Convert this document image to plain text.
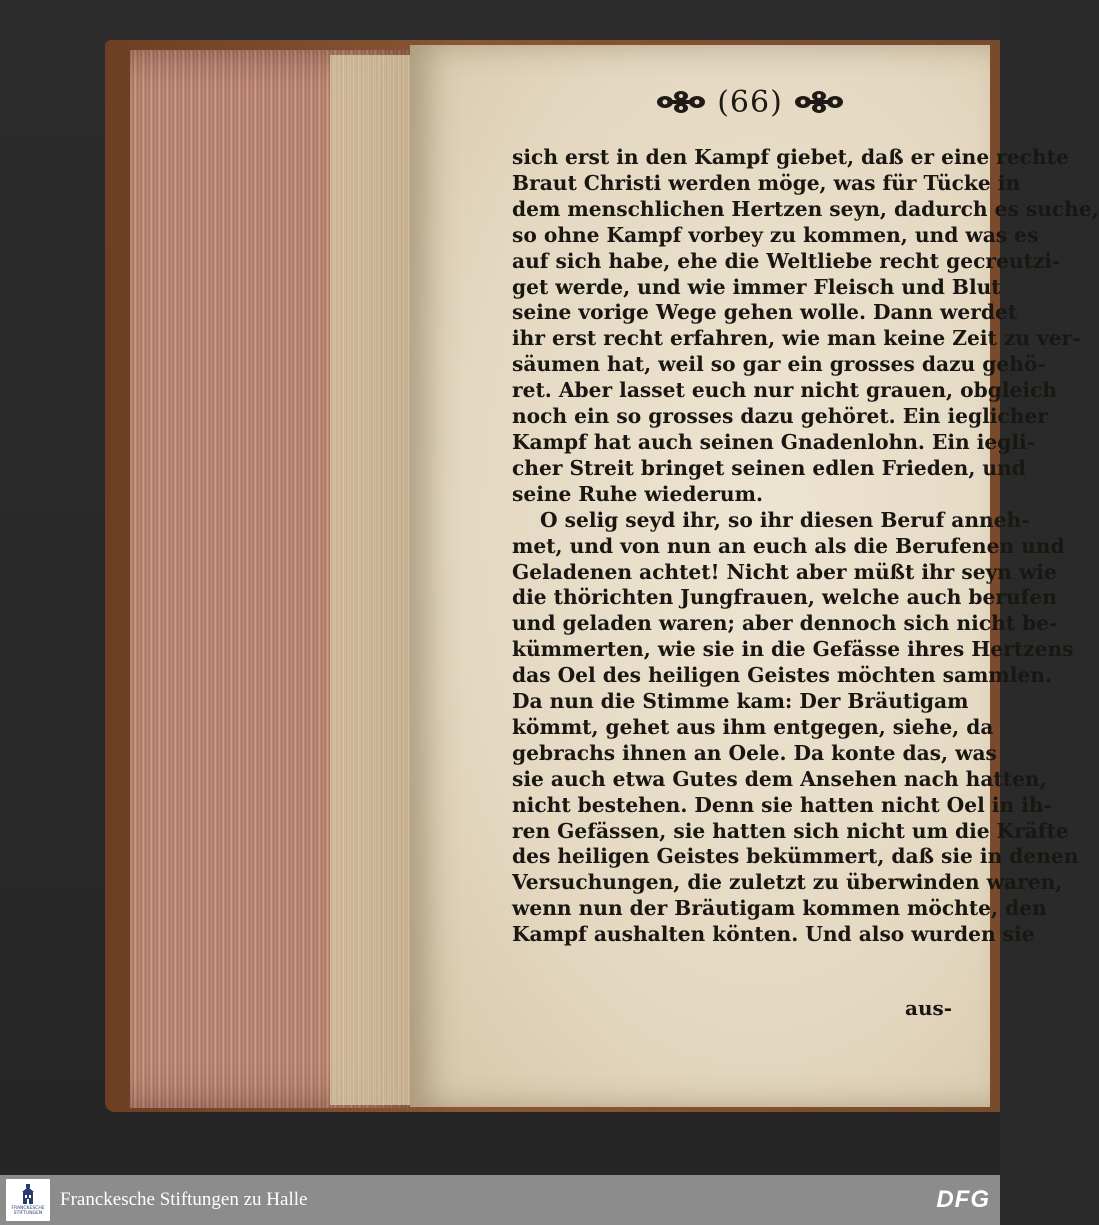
(66)
sich erst in den Kampf giebet, daß er eine rechte
Braut Christi werden möge, was für Tücke in
dem menschlichen Hertzen seyn, dadurch es suche,
so ohne Kampf vorbey zu kommen, und was es
auf sich habe, ehe die Weltliebe recht gecreutzi-
get werde, und wie immer Fleisch und Blut
seine vorige Wege gehen wolle. Dann werdet
ihr erst recht erfahren, wie man keine Zeit zu ver-
säumen hat, weil so gar ein grosses dazu gehö-
ret. Aber lasset euch nur nicht grauen, obgleich
noch ein so grosses dazu gehöret. Ein ieglicher
Kampf hat auch seinen Gnadenlohn. Ein iegli-
cher Streit bringet seinen edlen Frieden, und
seine Ruhe wiederum.
O selig seyd ihr, so ihr diesen Beruf anneh-
met, und von nun an euch als die Berufenen und
Geladenen achtet! Nicht aber müßt ihr seyn wie
die thörichten Jungfrauen, welche auch berufen
und geladen waren; aber dennoch sich nicht be-
kümmerten, wie sie in die Gefässe ihres Hertzens
das Oel des heiligen Geistes möchten sammlen.
Da nun die Stimme kam: Der Bräutigam
kömmt, gehet aus ihm entgegen, siehe, da
gebrachs ihnen an Oele. Da konte das, was
sie auch etwa Gutes dem Ansehen nach hatten,
nicht bestehen. Denn sie hatten nicht Oel in ih-
ren Gefässen, sie hatten sich nicht um die Kräfte
des heiligen Geistes bekümmert, daß sie in denen
Versuchungen, die zuletzt zu überwinden waren,
wenn nun der Bräutigam kommen möchte, den
Kampf aushalten könten. Und also wurden sie
aus-
FRANCKESCHE STIFTUNGEN
Franckesche Stiftungen zu Halle	DFG
